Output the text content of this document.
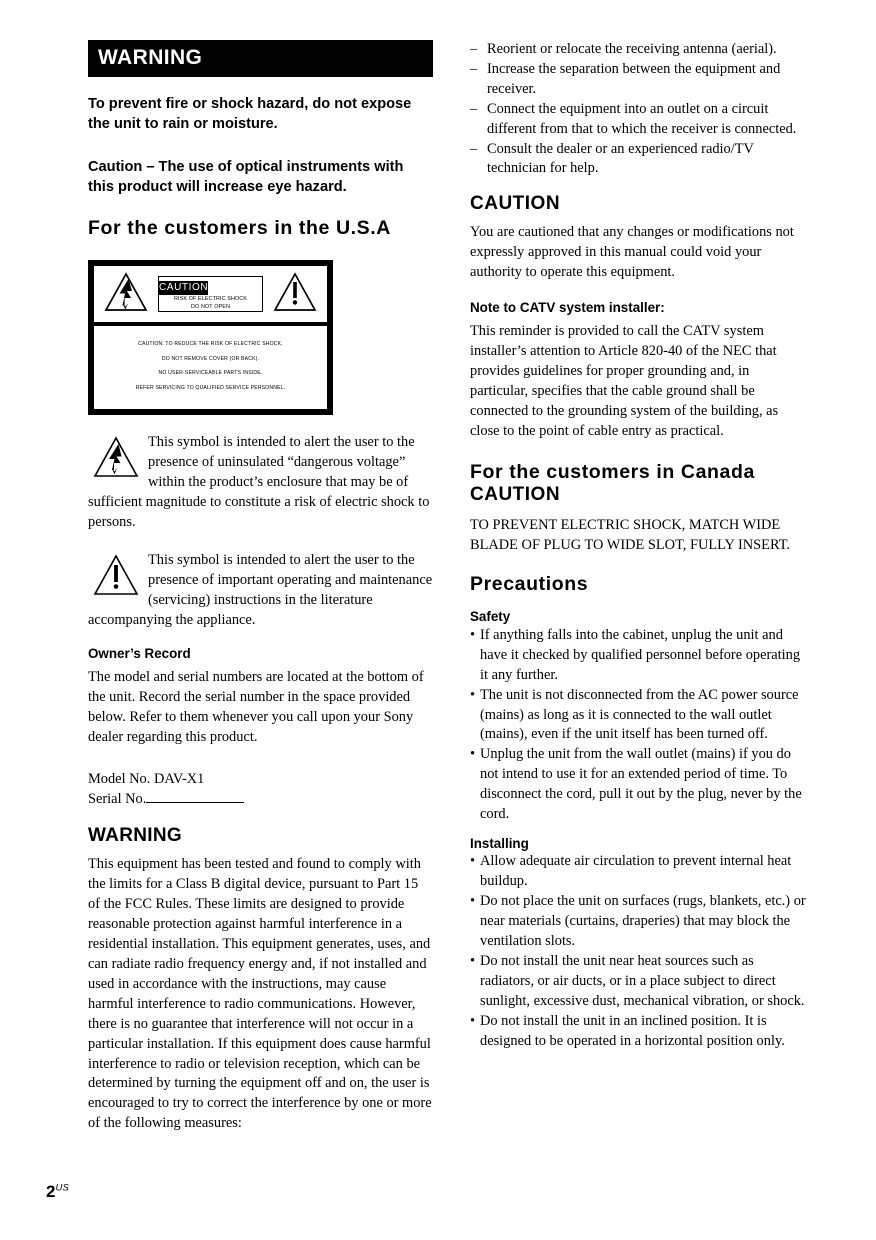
WARNING
To prevent fire or shock hazard, do not expose the unit to rain or moisture.
Caution – The use of optical instruments with this product will increase eye hazard.
For the customers in the U.S.A
CAUTION
RISK OF ELECTRIC SHOCK
DO NOT OPEN
CAUTION: TO REDUCE THE RISK OF ELECTRIC SHOCK,
DO NOT REMOVE COVER (OR BACK).
NO USER-SERVICEABLE PARTS INSIDE.
REFER SERVICING TO QUALIFIED SERVICE PERSONNEL.

This symbol is intended to alert the user to the presence of uninsulated “dangerous voltage” within the product’s enclosure that may be of sufficient magnitude to constitute a risk of electric shock to persons.

This symbol is intended to alert the user to the presence of important operating and maintenance (servicing) instructions in the literature accompanying the appliance.

Owner’s Record

The model and serial numbers are located at the bottom of the unit. Record the serial number in the space provided below. Refer to them whenever you call upon your Sony dealer regarding this product.

Model No. DAV-X1

Serial No.

WARNING

This equipment has been tested and found to comply with the limits for a Class B digital device, pursuant to Part 15 of the FCC Rules. These limits are designed to provide reasonable protection against harmful interference in a residential installation. This equipment generates, uses, and can radiate radio frequency energy and, if not installed and used in accordance with the instructions, may cause harmful interference to radio communications. However, there is no guarantee that interference will not occur in a particular installation. If this equipment does cause harmful interference to radio or television reception, which can be determined by turning the equipment off and on, the user is encouraged to try to correct the interference by one or more of the following measures:

– Reorient or relocate the receiving antenna (aerial).
– Increase the separation between the equipment and receiver.
– Connect the equipment into an outlet on a circuit different from that to which the receiver is connected.
– Consult the dealer or an experienced radio/TV technician for help.
CAUTION

You are cautioned that any changes or modifications not expressly approved in this manual could void your authority to operate this equipment.

Note to CATV system installer:

This reminder is provided to call the CATV system installer’s attention to Article 820-40 of the NEC that provides guidelines for proper grounding and, in particular, specifies that the cable ground shall be connected to the grounding system of the building, as close to the point of cable entry as practical.

For the customers in Canada
CAUTION

TO PREVENT ELECTRIC SHOCK, MATCH WIDE BLADE OF PLUG TO WIDE SLOT, FULLY INSERT.

Precautions
Safety
• If anything falls into the cabinet, unplug the unit and have it checked by qualified personnel before operating it any further.
• The unit is not disconnected from the AC power source (mains) as long as it is connected to the wall outlet (mains), even if the unit itself has been turned off.
• Unplug the unit from the wall outlet (mains) if you do not intend to use it for an extended period of time. To disconnect the cord, pull it out by the plug, never by the cord.
Installing
• Allow adequate air circulation to prevent internal heat buildup.
• Do not place the unit on surfaces (rugs, blankets, etc.) or near materials (curtains, draperies) that may block the ventilation slots.
• Do not install the unit near heat sources such as radiators, or air ducts, or in a place subject to direct sunlight, excessive dust, mechanical vibration, or shock.
• Do not install the unit in an inclined position. It is designed to be operated in a horizontal position only.
$2^{US}$
